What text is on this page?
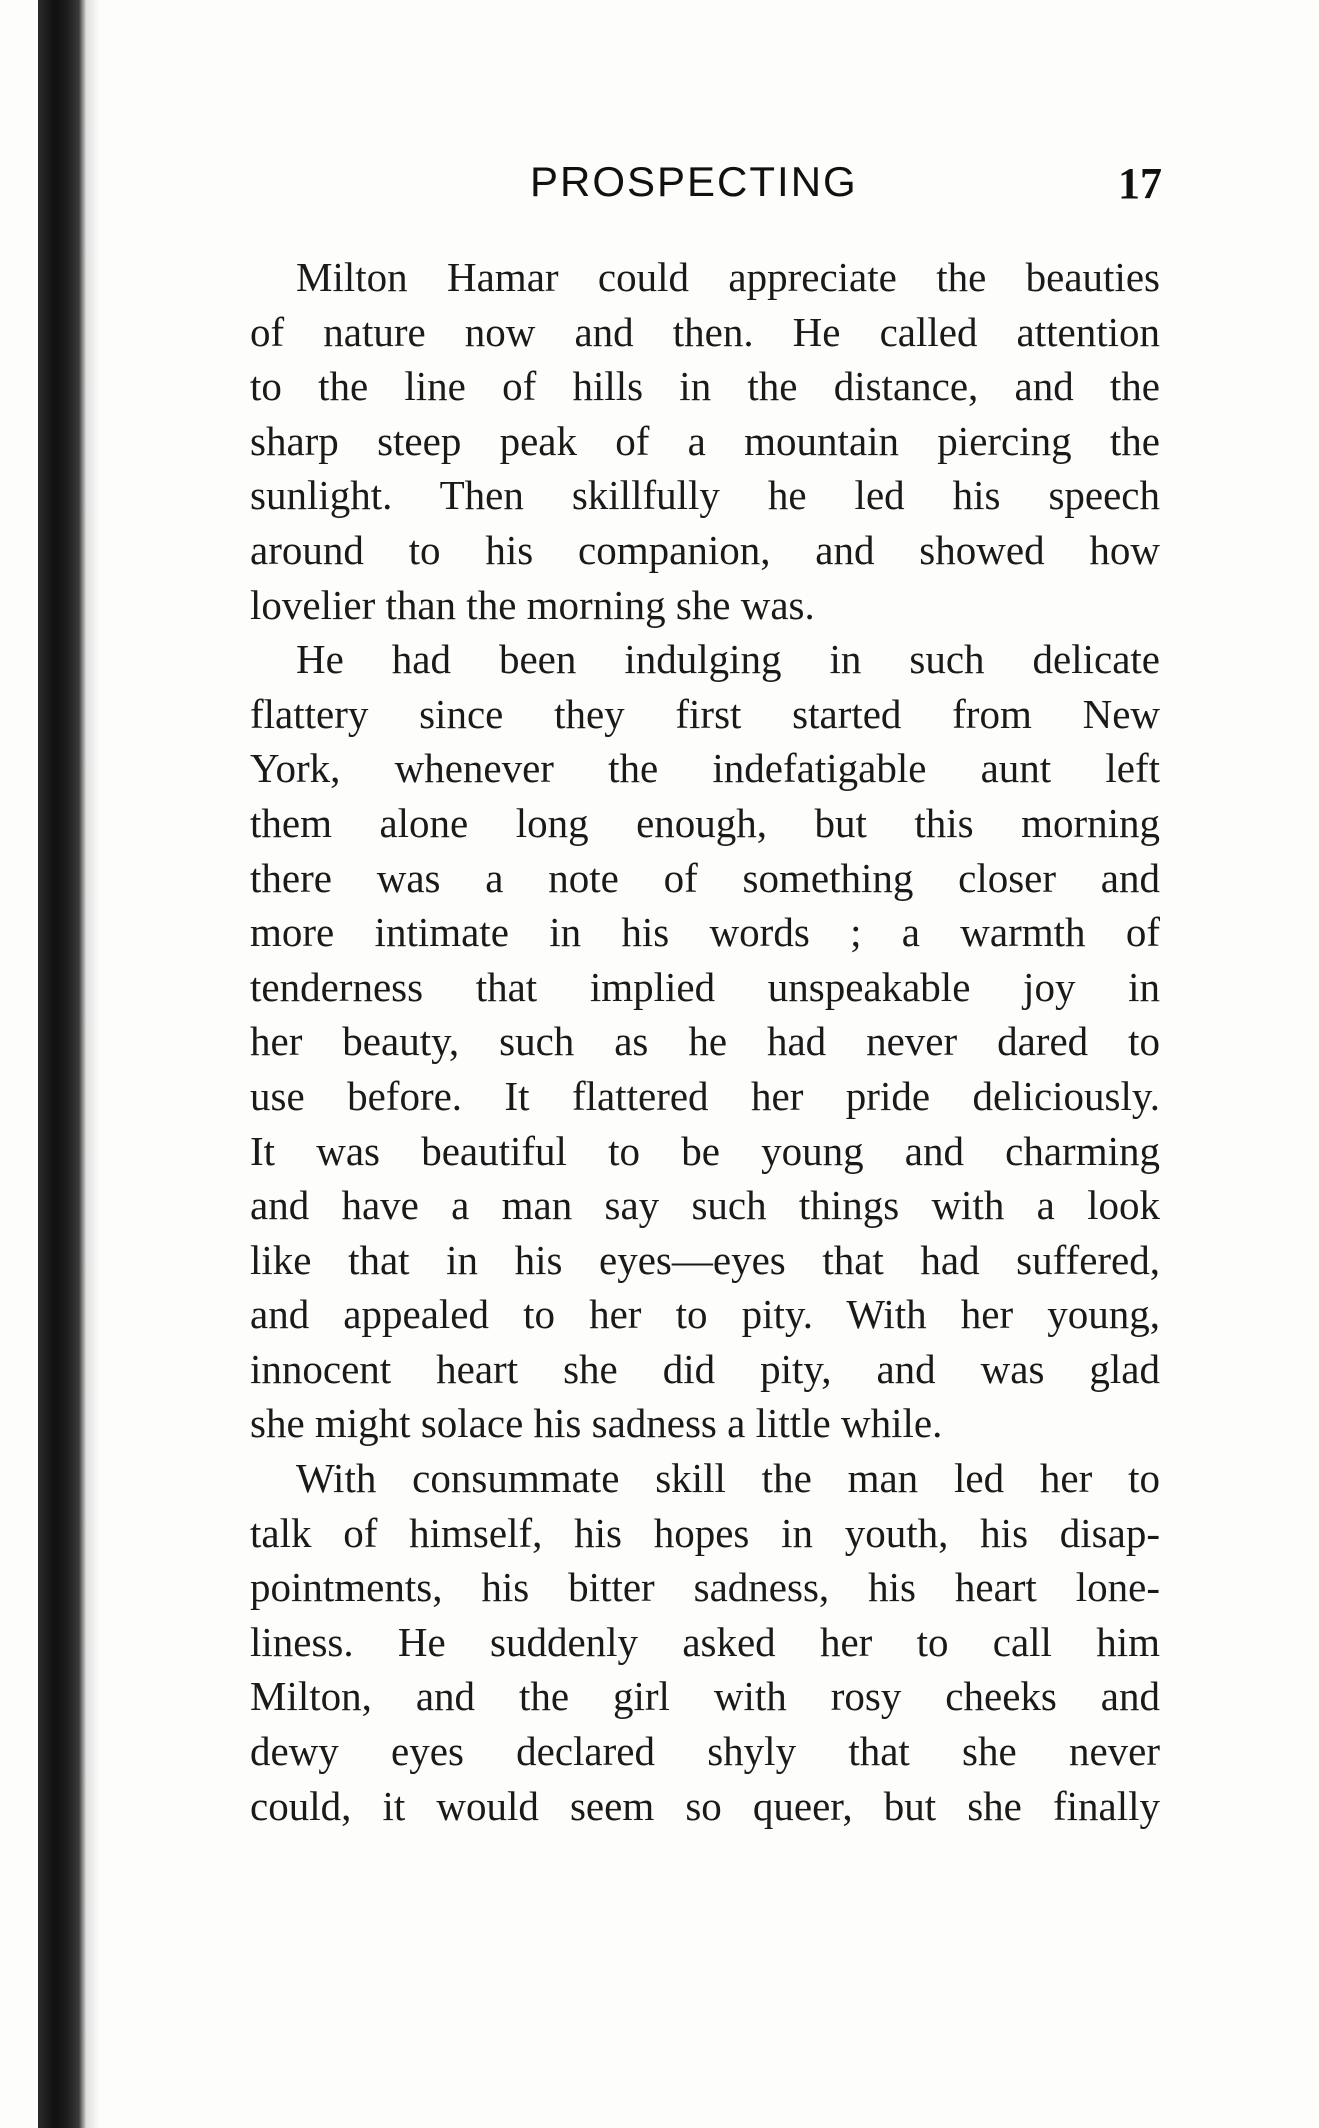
PROSPECTING	17
Milton Hamar could appreciate the beauties
of nature now and then. He called attention
to the line of hills in the distance, and the
sharp steep peak of a mountain piercing the
sunlight. Then skillfully he led his speech
around to his companion, and showed how
lovelier than the morning she was.
He had been indulging in such delicate
flattery since they first started from New
York, whenever the indefatigable aunt left
them alone long enough, but this morning
there was a note of something closer and
more intimate in his words ; a warmth of
tenderness that implied unspeakable joy in
her beauty, such as he had never dared to
use before. It flattered her pride deliciously.
It was beautiful to be young and charming
and have a man say such things with a look
like that in his eyes—eyes that had suffered,
and appealed to her to pity. With her young,
innocent heart she did pity, and was glad
she might solace his sadness a little while.
With consummate skill the man led her to
talk of himself, his hopes in youth, his disap-
pointments, his bitter sadness, his heart lone-
liness. He suddenly asked her to call him
Milton, and the girl with rosy cheeks and
dewy eyes declared shyly that she never
could, it would seem so queer, but she finally
